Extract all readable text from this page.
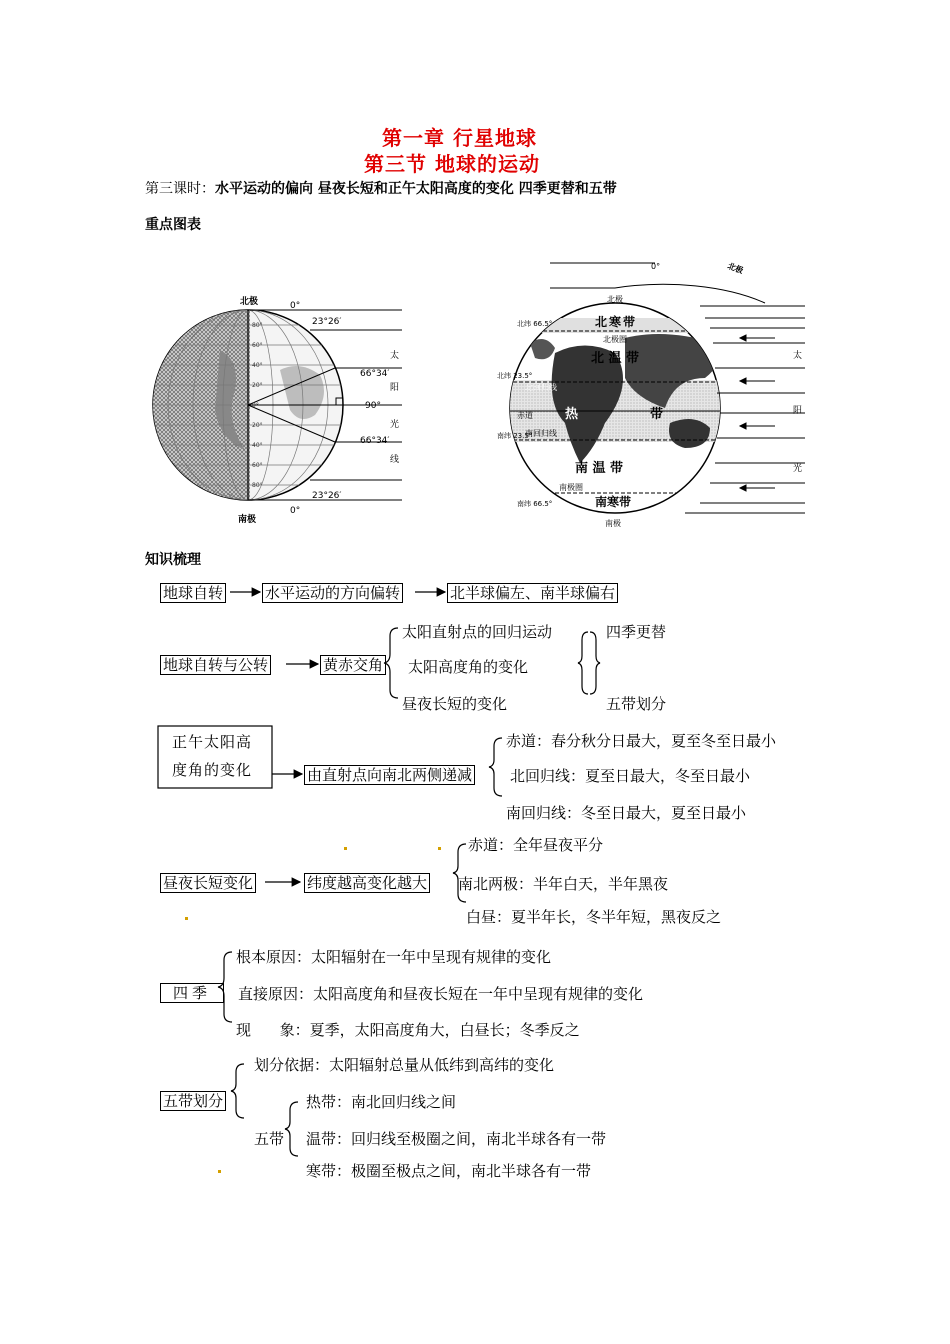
第一章 行星地球
第三节 地球的运动
第三课时：水平运动的偏向 昼夜长短和正午太阳高度的变化 四季更替和五带
重点图表
北极
南极
0°
0°
23°26′
66°34′
90°
66°34′
23°26′
太
阳
光
线
80°
60°
40°
20°
0°
20°
40°
60°
80°
0°	北极
北极
北纬 66.5°	北寒带
北极圈
北 温 带
北纬 23.5°
北回归线
赤道 热	带
南纬 23.5°
南回归线
南 温 带
南极圈
南纬 66.5°	南寒带
南极
太
阳
光
知识梳理
地球自转	水平运动的方向偏转	北半球偏左、南半球偏右
地球自转与公转	黄赤交角
太阳直射点的回归运动
太阳高度角的变化
四季更替
昼夜长短的变化	五带划分
正午太阳高
度角的变化	由直射点向南北两侧递减
赤道：春分秋分日最大，夏至冬至日最小
北回归线：夏至日最大，冬至日最小
南回归线：冬至日最大，夏至日最小
昼夜长短变化	纬度越高变化越大
赤道：全年昼夜平分
南北两极：半年白天，半年黑夜
白昼：夏半年长，冬半年短，黑夜反之
四季
根本原因：太阳辐射在一年中呈现有规律的变化
直接原因：太阳高度角和昼夜长短在一年中呈现有规律的变化
现      象：夏季，太阳高度角大，白昼长；冬季反之
五带划分
划分依据：太阳辐射总量从低纬到高纬的变化
五带
热带：南北回归线之间
温带：回归线至极圈之间，南北半球各有一带
寒带：极圈至极点之间，南北半球各有一带
